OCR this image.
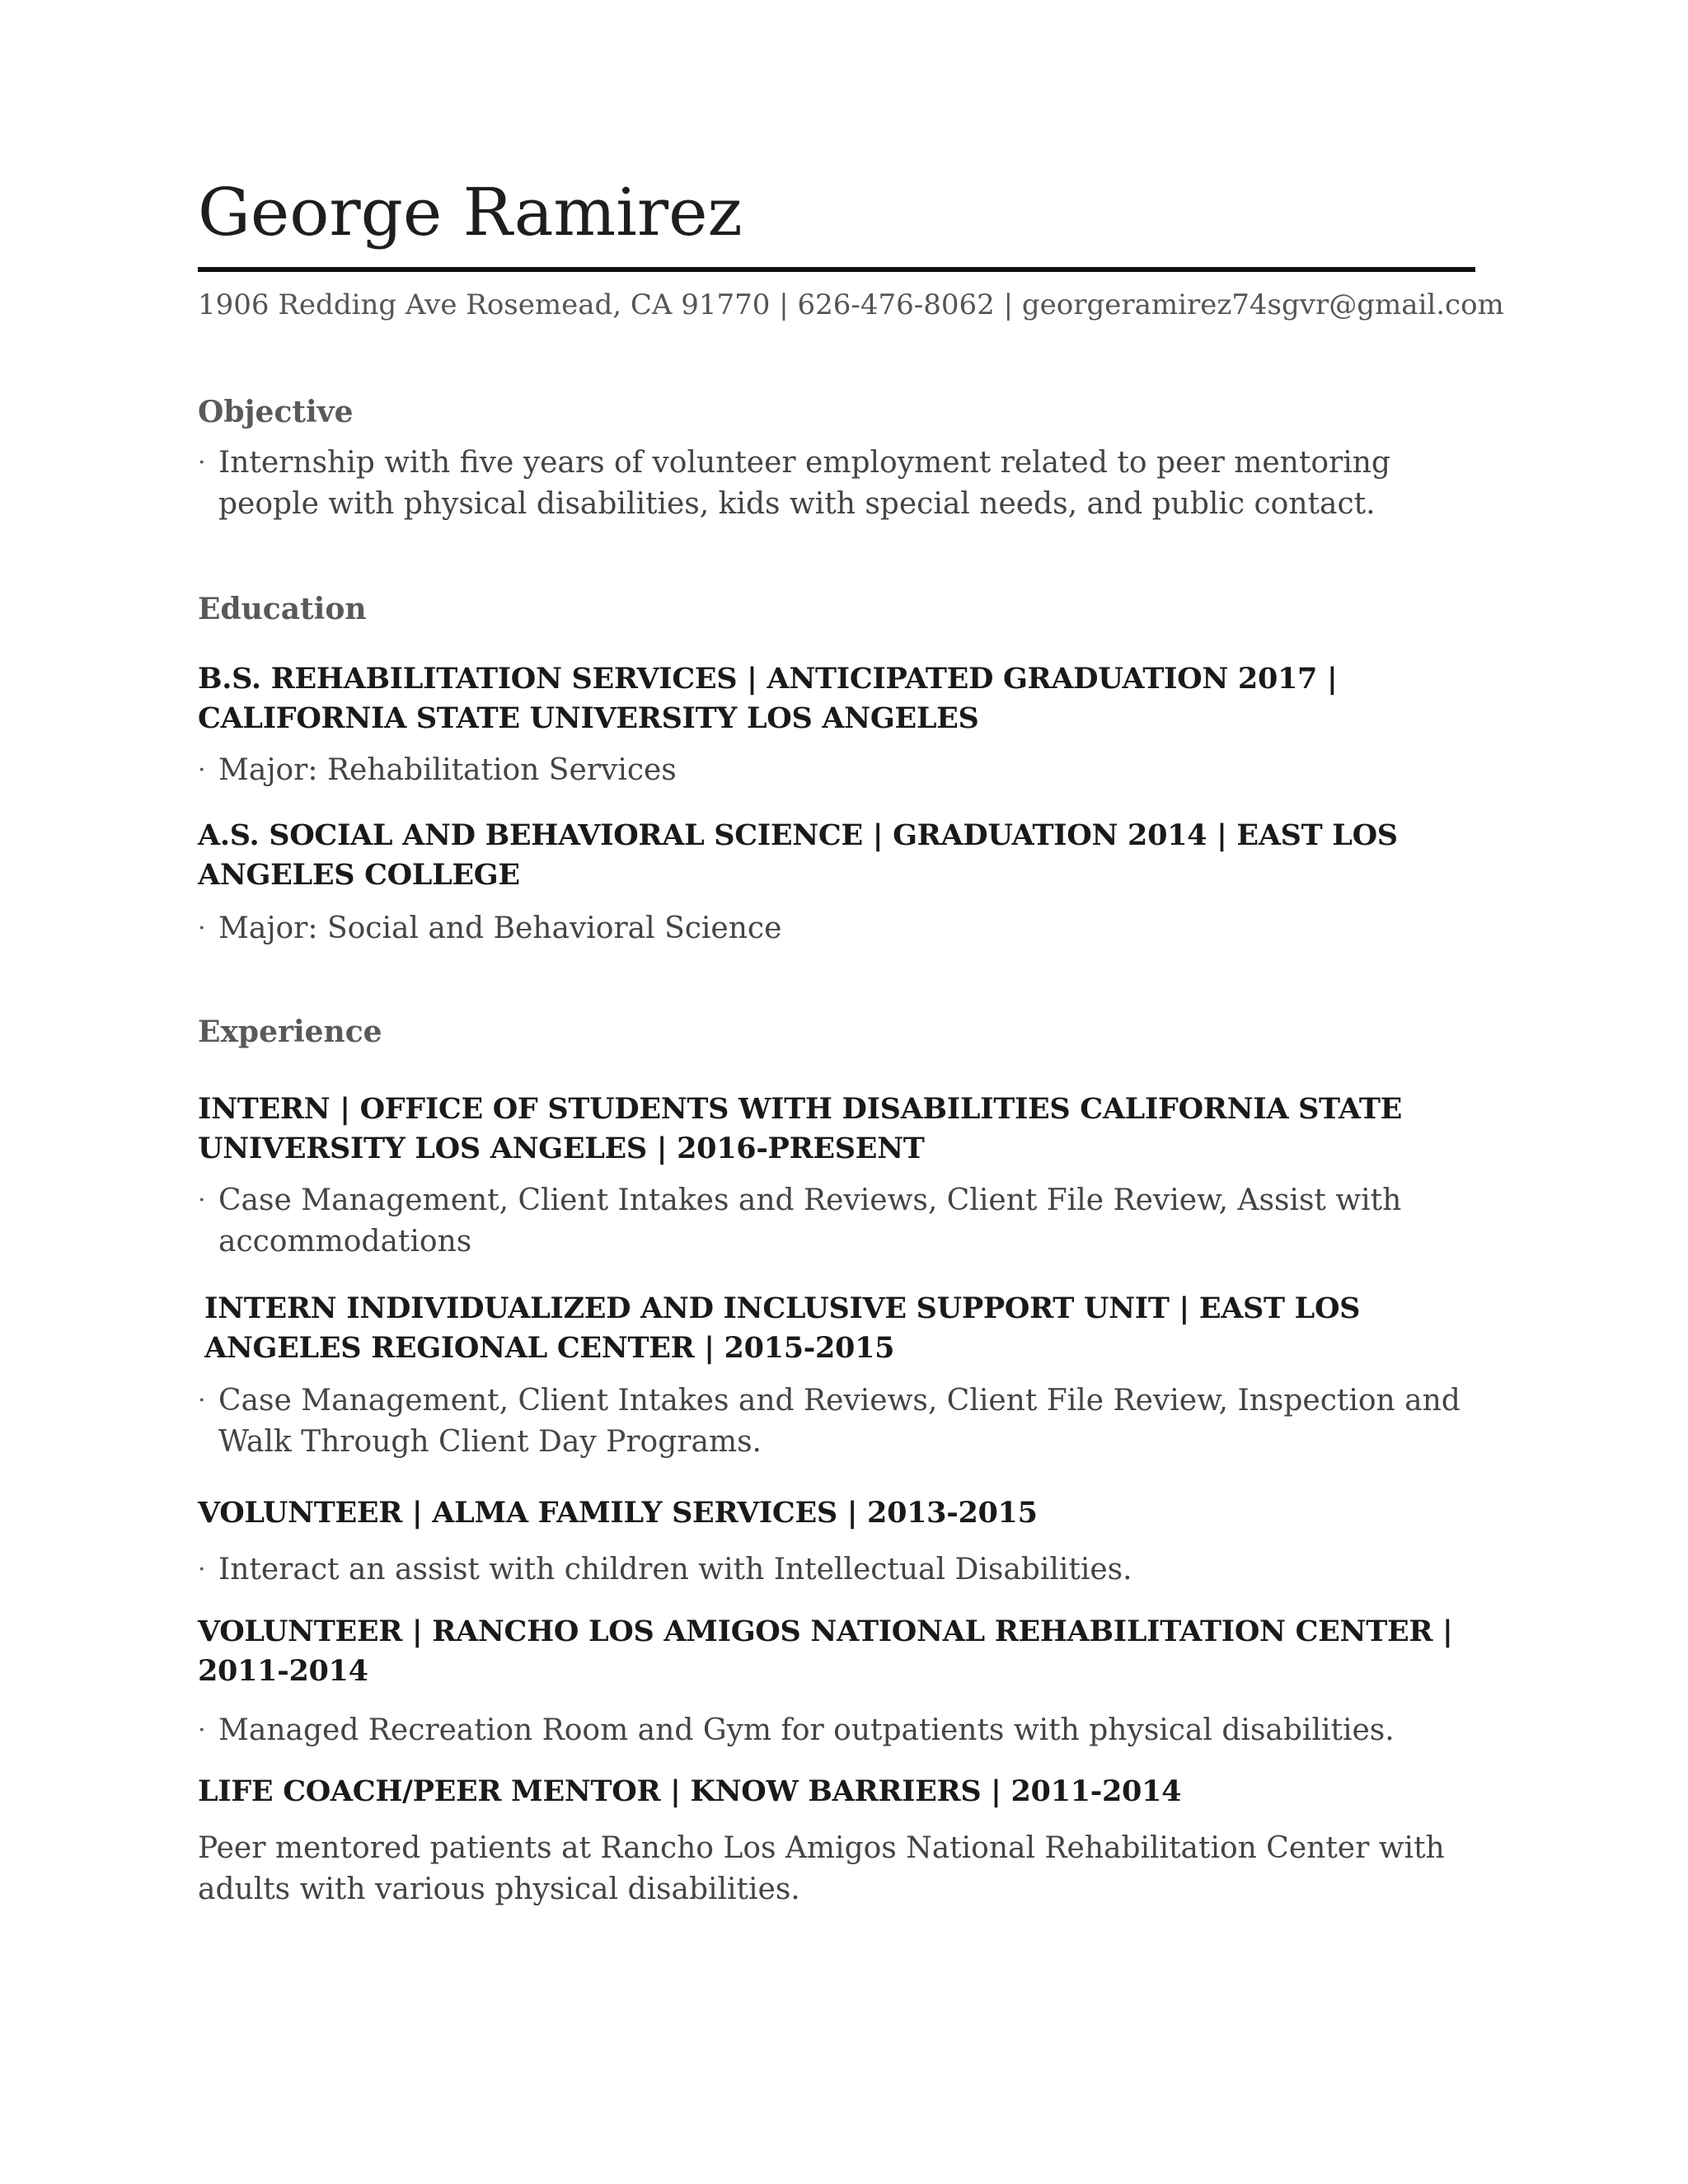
George Ramirez
1906 Redding Ave Rosemead, CA 91770 | 626-476-8062 | georgeramirez74sgvr@gmail.com
Objective
· Internship with five years of volunteer employment related to peer mentoring people with physical disabilities, kids with special needs, and public contact.
Education
B.S. REHABILITATION SERVICES | ANTICIPATED GRADUATION 2017 | CALIFORNIA STATE UNIVERSITY LOS ANGELES
· Major: Rehabilitation Services
A.S. SOCIAL AND BEHAVIORAL SCIENCE | GRADUATION 2014 | EAST LOS ANGELES COLLEGE
· Major: Social and Behavioral Science
Experience
INTERN | OFFICE OF STUDENTS WITH DISABILITIES CALIFORNIA STATE UNIVERSITY LOS ANGELES | 2016-PRESENT
· Case Management, Client Intakes and Reviews, Client File Review, Assist with accommodations
INTERN INDIVIDUALIZED AND INCLUSIVE SUPPORT UNIT | EAST LOS ANGELES REGIONAL CENTER | 2015-2015
· Case Management, Client Intakes and Reviews, Client File Review, Inspection and Walk Through Client Day Programs.
VOLUNTEER | ALMA FAMILY SERVICES | 2013-2015
· Interact an assist with children with Intellectual Disabilities.
VOLUNTEER | RANCHO LOS AMIGOS NATIONAL REHABILITATION CENTER | 2011-2014
· Managed Recreation Room and Gym for outpatients with physical disabilities.
LIFE COACH/PEER MENTOR | KNOW BARRIERS | 2011-2014
Peer mentored patients at Rancho Los Amigos National Rehabilitation Center with adults with various physical disabilities.
